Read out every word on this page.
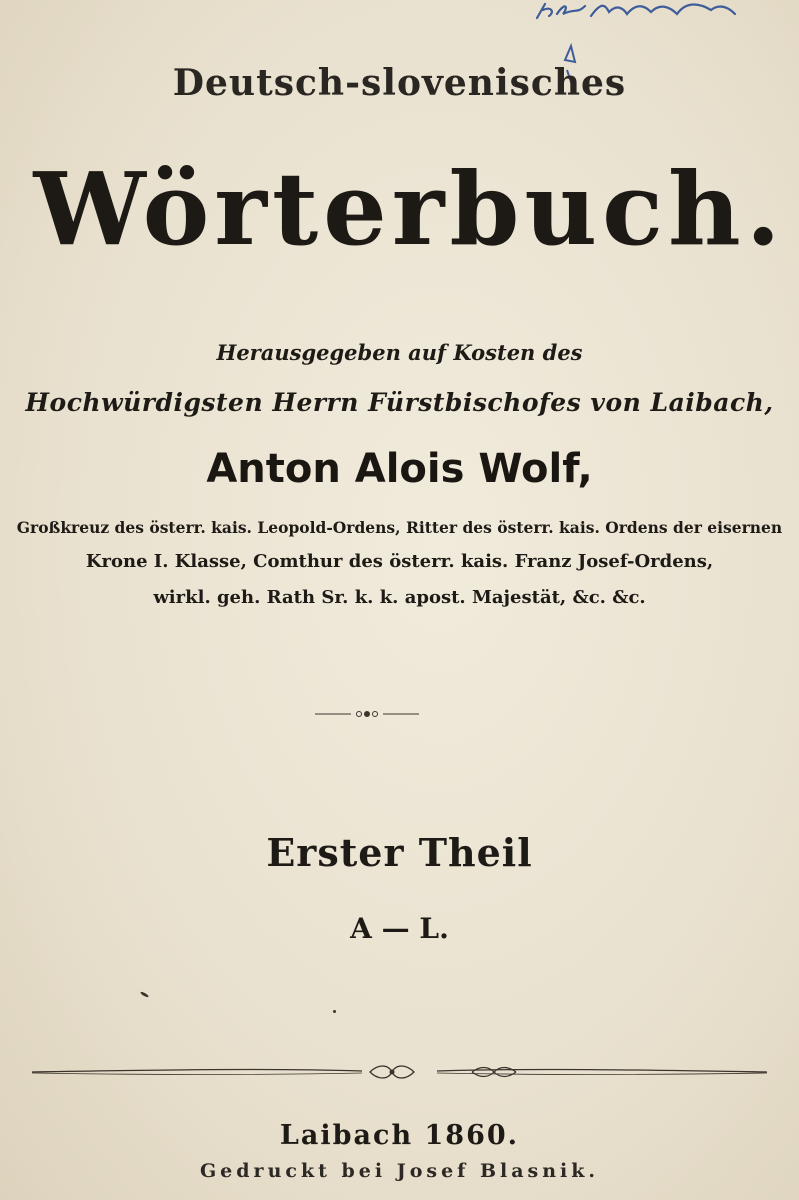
Deutsch-slovenisches
Wörterbuch.
Herausgegeben auf Kosten des
Hochwürdigsten Herrn Fürstbischofes von Laibach,
Anton Alois Wolf,
Großkreuz des österr. kais. Leopold-Ordens, Ritter des österr. kais. Ordens der eisernen
Krone I. Klasse, Comthur des österr. kais. Franz Josef-Ordens,
wirkl. geh. Rath Sr. k. k. apost. Majestät, &c. &c.
Erster Theil
A — L.
Laibach 1860.
Gedruckt bei Josef Blasnik.
